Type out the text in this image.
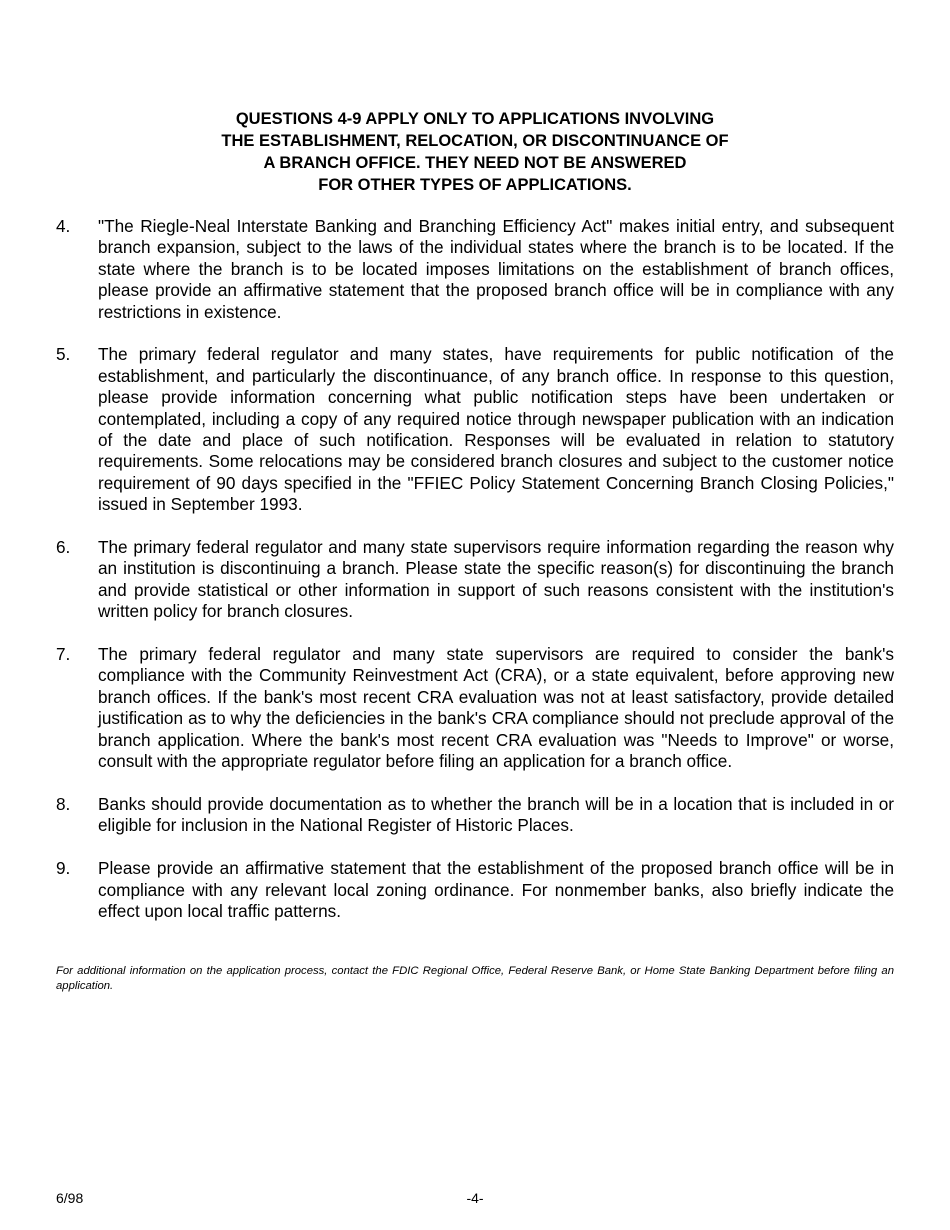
QUESTIONS 4-9 APPLY ONLY TO APPLICATIONS INVOLVING
THE ESTABLISHMENT, RELOCATION, OR DISCONTINUANCE OF
A BRANCH OFFICE. THEY NEED NOT BE ANSWERED
FOR OTHER TYPES OF APPLICATIONS.
4.	"The Riegle-Neal Interstate Banking and Branching Efficiency Act" makes initial entry, and subsequent branch expansion, subject to the laws of the individual states where the branch is to be located. If the state where the branch is to be located imposes limitations on the establishment of branch offices, please provide an affirmative statement that the proposed branch office will be in compliance with any restrictions in existence.
5.	The primary federal regulator and many states, have requirements for public notification of the establishment, and particularly the discontinuance, of any branch office. In response to this question, please provide information concerning what public notification steps have been undertaken or contemplated, including a copy of any required notice through newspaper publication with an indication of the date and place of such notification. Responses will be evaluated in relation to statutory requirements. Some relocations may be considered branch closures and subject to the customer notice requirement of 90 days specified in the "FFIEC Policy Statement Concerning Branch Closing Policies," issued in September 1993.
6.	The primary federal regulator and many state supervisors require information regarding the reason why an institution is discontinuing a branch. Please state the specific reason(s) for discontinuing the branch and provide statistical or other information in support of such reasons consistent with the institution's written policy for branch closures.
7.	The primary federal regulator and many state supervisors are required to consider the bank's compliance with the Community Reinvestment Act (CRA), or a state equivalent, before approving new branch offices. If the bank's most recent CRA evaluation was not at least satisfactory, provide detailed justification as to why the deficiencies in the bank's CRA compliance should not preclude approval of the branch application. Where the bank's most recent CRA evaluation was "Needs to Improve" or worse, consult with the appropriate regulator before filing an application for a branch office.
8.	Banks should provide documentation as to whether the branch will be in a location that is included in or eligible for inclusion in the National Register of Historic Places.
9.	Please provide an affirmative statement that the establishment of the proposed branch office will be in compliance with any relevant local zoning ordinance. For nonmember banks, also briefly indicate the effect upon local traffic patterns.
For additional information on the application process, contact the FDIC Regional Office, Federal Reserve Bank, or Home State Banking Department before filing an application.
6/98	-4-
